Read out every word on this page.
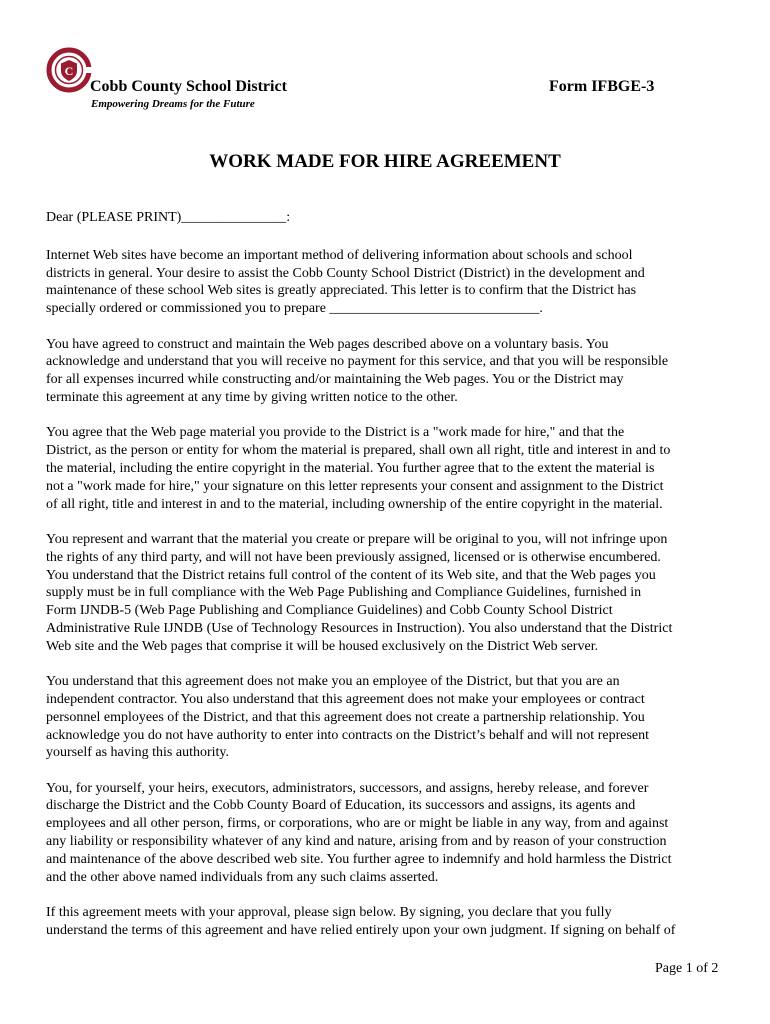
C
Cobb County School District	Form IFBGE-3
Empowering Dreams for the Future
WORK MADE FOR HIRE AGREEMENT

Dear (PLEASE PRINT)_______________:

Internet Web sites have become an important method of delivering information about schools and school
districts in general. Your desire to assist the Cobb County School District (District) in the development and
maintenance of these school Web sites is greatly appreciated. This letter is to confirm that the District has
specially ordered or commissioned you to prepare ______________________________.

You have agreed to construct and maintain the Web pages described above on a voluntary basis. You
acknowledge and understand that you will receive no payment for this service, and that you will be responsible
for all expenses incurred while constructing and/or maintaining the Web pages. You or the District may
terminate this agreement at any time by giving written notice to the other.

You agree that the Web page material you provide to the District is a "work made for hire," and that the
District, as the person or entity for whom the material is prepared, shall own all right, title and interest in and to
the material, including the entire copyright in the material. You further agree that to the extent the material is
not a "work made for hire," your signature on this letter represents your consent and assignment to the District
of all right, title and interest in and to the material, including ownership of the entire copyright in the material.

You represent and warrant that the material you create or prepare will be original to you, will not infringe upon
the rights of any third party, and will not have been previously assigned, licensed or is otherwise encumbered.
You understand that the District retains full control of the content of its Web site, and that the Web pages you
supply must be in full compliance with the Web Page Publishing and Compliance Guidelines, furnished in
Form IJNDB-5 (Web Page Publishing and Compliance Guidelines) and Cobb County School District
Administrative Rule IJNDB (Use of Technology Resources in Instruction). You also understand that the District
Web site and the Web pages that comprise it will be housed exclusively on the District Web server.

You understand that this agreement does not make you an employee of the District, but that you are an
independent contractor. You also understand that this agreement does not make your employees or contract
personnel employees of the District, and that this agreement does not create a partnership relationship. You
acknowledge you do not have authority to enter into contracts on the District’s behalf and will not represent
yourself as having this authority.

You, for yourself, your heirs, executors, administrators, successors, and assigns, hereby release, and forever
discharge the District and the Cobb County Board of Education, its successors and assigns, its agents and
employees and all other person, firms, or corporations, who are or might be liable in any way, from and against
any liability or responsibility whatever of any kind and nature, arising from and by reason of your construction
and maintenance of the above described web site. You further agree to indemnify and hold harmless the District
and the other above named individuals from any such claims asserted.

If this agreement meets with your approval, please sign below. By signing, you declare that you fully
understand the terms of this agreement and have relied entirely upon your own judgment. If signing on behalf of

Page 1 of 2
